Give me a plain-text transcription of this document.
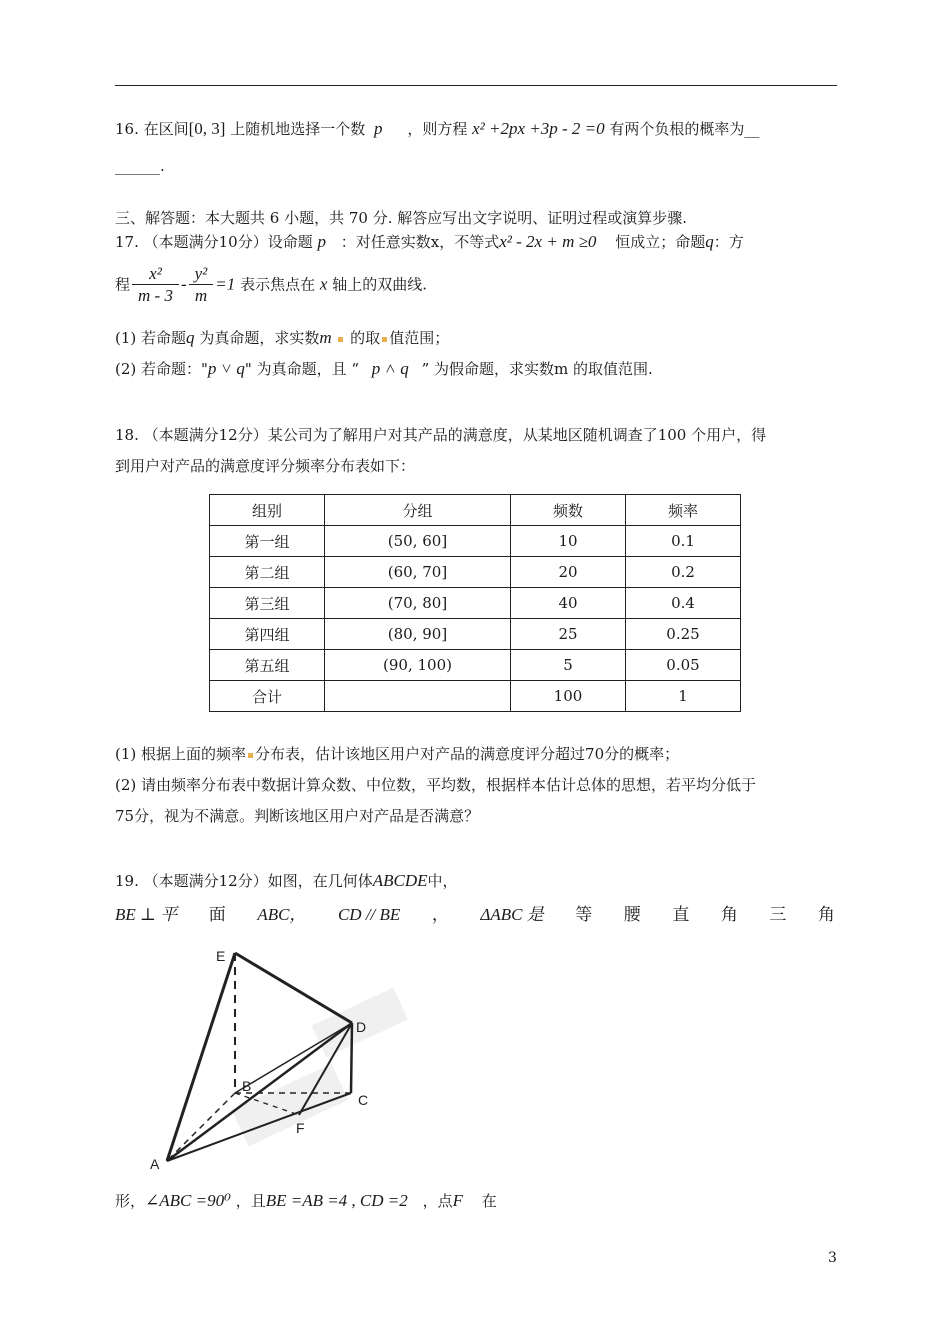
16. 在区间[0, 3] 上随机地选择一个数 p ，则方程 x² +2px +3p - 2 =0 有两个负根的概率为__
______.
三、解答题：本大题共 6 小题，共 70 分. 解答应写出文字说明、证明过程或演算步骤.
17. （本题满分10分）设命题 p ：对任意实数x，不等式x² - 2x + m ≥0 恒成立；命题q：方
程 $\frac{\text{x²}}{m - 3} - \frac{\text{y²}}{m} =1$ 表示焦点在 x 轴上的双曲线.
(1) 若命题q 为真命题，求实数m 的取 值范围；
(2) 若命题："p ˅ q" 为真命题，且 “ p ˄ q ” 为假命题，求实数m 的取值范围.
18. （本题满分12分）某公司为了解用户对其产品的满意度，从某地区随机调查了100 个用户，得
到用户对产品的满意度评分频率分布表如下：
组别	分组	频数	频率
第一组	(50, 60]	10	0.1
第二组	(60, 70]	20	0.2
第三组	(70, 80]	40	0.4
第四组	(80, 90]	25	0.25
第五组	(90, 100)	5	0.05
合计		100	1
(1) 根据上面的频率 分布表，估计该地区用户对产品的满意度评分超过70分的概率；
(2) 请由频率分布表中数据计算众数、中位数，平均数，根据样本估计总体的思想，若平均分低于
75分，视为不满意。判断该地区用户对产品是否满意？
19. （本题满分12分）如图，在几何体ABCDE中，
BE ⊥ 平 面 ABC， CD // BE ， ΔABC 是 等 腰 直 角 三 角
E
D
B
C
F
A
形，∠ABC =90⁰ ，且BE =AB =4 , CD =2 ，点F 在
3
